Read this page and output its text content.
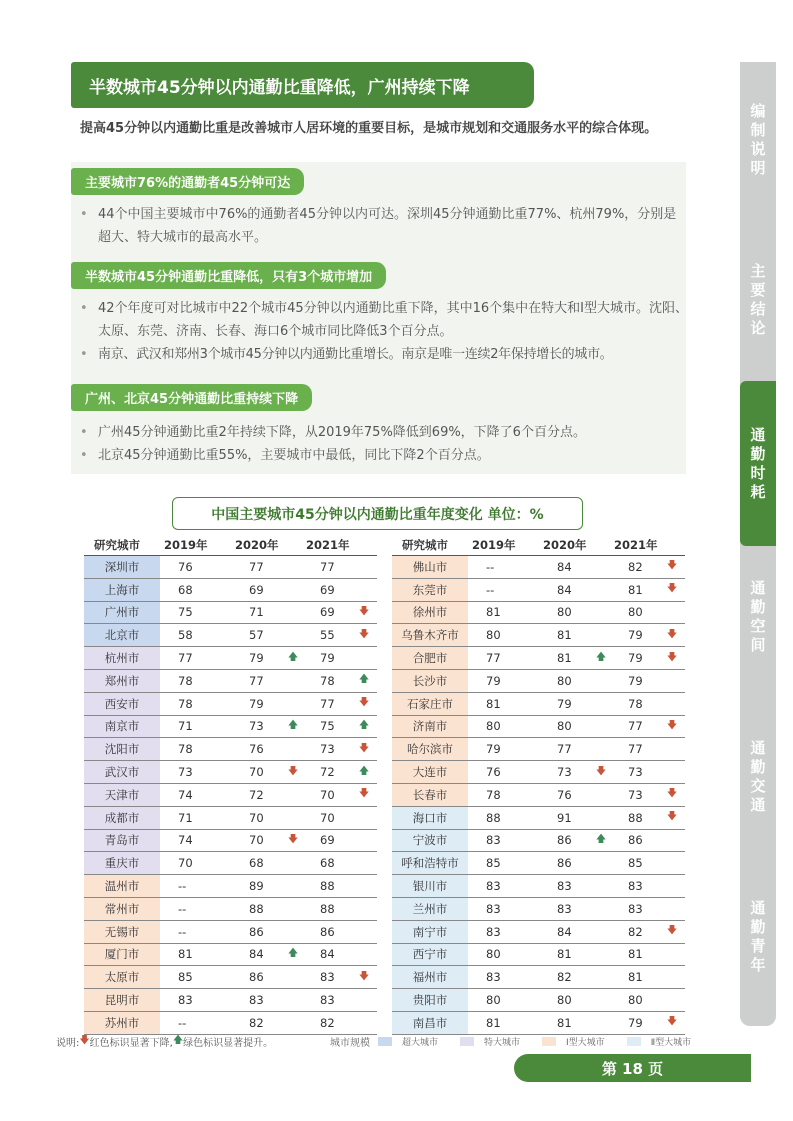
半数城市45分钟以内通勤比重降低，广州持续下降
提高45分钟以内通勤比重是改善城市人居环境的重要目标，是城市规划和交通服务水平的综合体现。
主要城市76%的通勤者45分钟可达
• 44个中国主要城市中76%的通勤者45分钟以内可达。深圳45分钟通勤比重77%、杭州79%，分别是超大、特大城市的最高水平。
半数城市45分钟通勤比重降低，只有3个城市增加
• 42个年度可对比城市中22个城市45分钟以内通勤比重下降，其中16个集中在特大和Ⅰ型大城市。沈阳、太原、东莞、济南、长春、海口6个城市同比降低3个百分点。
• 南京、武汉和郑州3个城市45分钟以内通勤比重增长。南京是唯一连续2年保持增长的城市。
广州、北京45分钟通勤比重持续下降
• 广州45分钟通勤比重2年持续下降，从2019年75%降低到69%，下降了6个百分点。
• 北京45分钟通勤比重55%，主要城市中最低，同比下降2个百分点。
中国主要城市45分钟以内通勤比重年度变化 单位：%
研究城市		2019年		2020年		2021年	
深圳市		76		77		77	
上海市		68		69		69	
广州市		75		71		69	🡇
北京市		58		57		55	🡇
杭州市		77		79	🡅	79	
郑州市		78		77		78	🡅
西安市		78		79		77	🡇
南京市		71		73	🡅	75	🡅
沈阳市		78		76		73	🡇
武汉市		73		70	🡇	72	🡅
天津市		74		72		70	🡇
成都市		71		70		70	
青岛市		74		70	🡇	69	
重庆市		70		68		68	
温州市		--		89		88	
常州市		--		88		88	
无锡市		--		86		86	
厦门市		81		84	🡅	84	
太原市		85		86		83	🡇
昆明市		83		83		83	
苏州市		--		82		82	
研究城市		2019年		2020年		2021年	
佛山市		--		84		82	🡇
东莞市		--		84		81	🡇
徐州市		81		80		80	
乌鲁木齐市		80		81		79	🡇
合肥市		77		81	🡅	79	🡇
长沙市		79		80		79	
石家庄市		81		79		78	
济南市		80		80		77	🡇
哈尔滨市		79		77		77	
大连市		76		73	🡇	73	
长春市		78		76		73	🡇
海口市		88		91		88	🡇
宁波市		83		86	🡅	86	
呼和浩特市		85		86		85	
银川市		83		83		83	
兰州市		83		83		83	
南宁市		83		84		82	🡇
西宁市		80		81		81	
福州市		83		82		81	
贵阳市		80		80		80	
南昌市		81		81		79	🡇
说明: 🡇 红色标识显著下降, 🡅 绿色标识显著提升。	城市规模	超大城市	特大城市	Ⅰ型大城市	Ⅱ型大城市
编
制
说
明
主
要
结
论
通
勤
时
耗
通
勤
空
间
通
勤
交
通
通
勤
青
年
第 18 页
